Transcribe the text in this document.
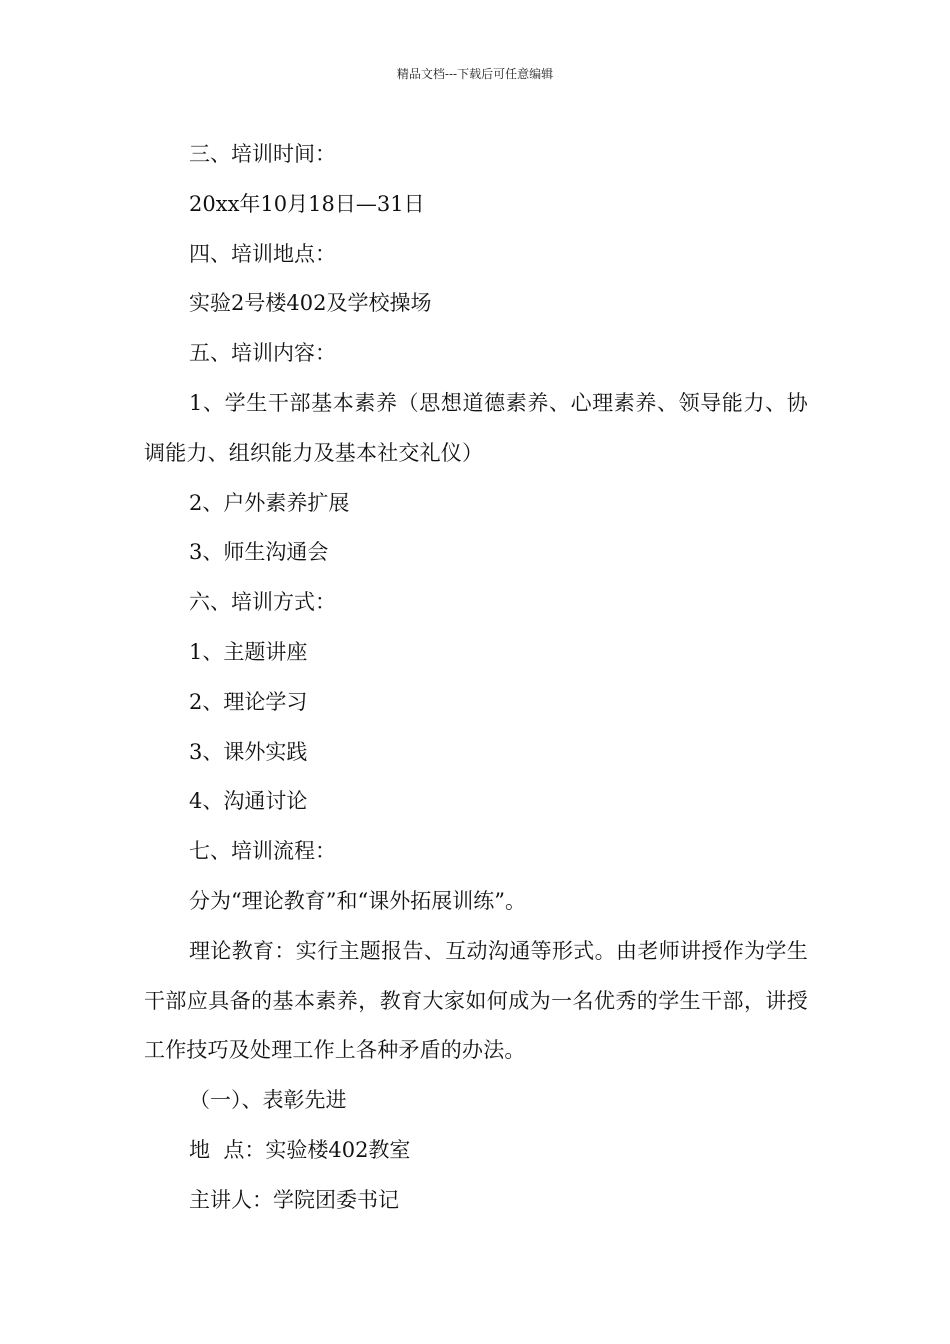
精品文档---下载后可任意编辑

三、培训时间：

20xx年10月18日—31日

四、培训地点：

实验2号楼402及学校操场

五、培训内容：

1、学生干部基本素养（思想道德素养、心理素养、领导能力、协调能力、组织能力及基本社交礼仪）

2、户外素养扩展

3、师生沟通会

六、培训方式：

1、主题讲座

2、理论学习

3、课外实践

4、沟通讨论

七、培训流程：

分为“理论教育”和“课外拓展训练”。

理论教育：实行主题报告、互动沟通等形式。由老师讲授作为学生干部应具备的基本素养，教育大家如何成为一名优秀的学生干部，讲授工作技巧及处理工作上各种矛盾的办法。

（一）、表彰先进

地  点：实验楼402教室

主讲人：学院团委书记
